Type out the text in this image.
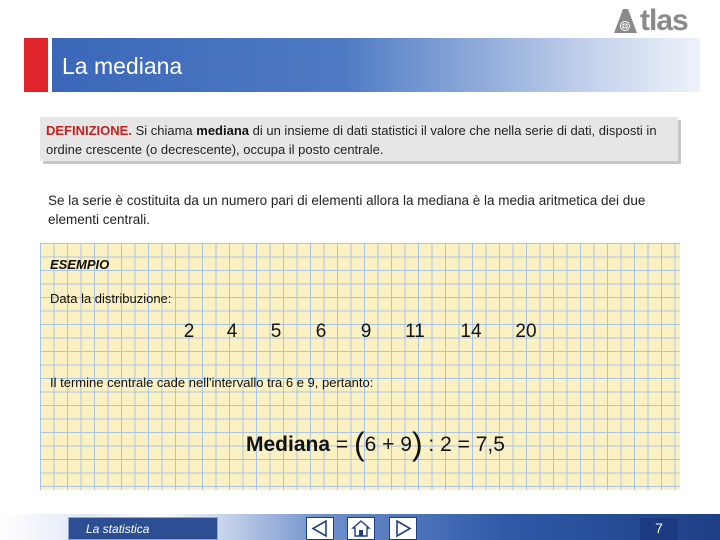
tlas
La mediana
DEFINIZIONE. Si chiama mediana di un insieme di dati statistici il valore che nella serie di dati, disposti in ordine crescente (o decrescente), occupa il posto centrale.
Se la serie è costituita da un numero pari di elementi allora la mediana è la media aritmetica dei due elementi centrali.
ESEMPIO
Data la distribuzione:
2 4 5 6 9 11 14 20
Il termine centrale cade nell'intervallo tra 6 e 9, pertanto:
Mediana = (6 + 9) : 2 = 7,5
La statistica	7
